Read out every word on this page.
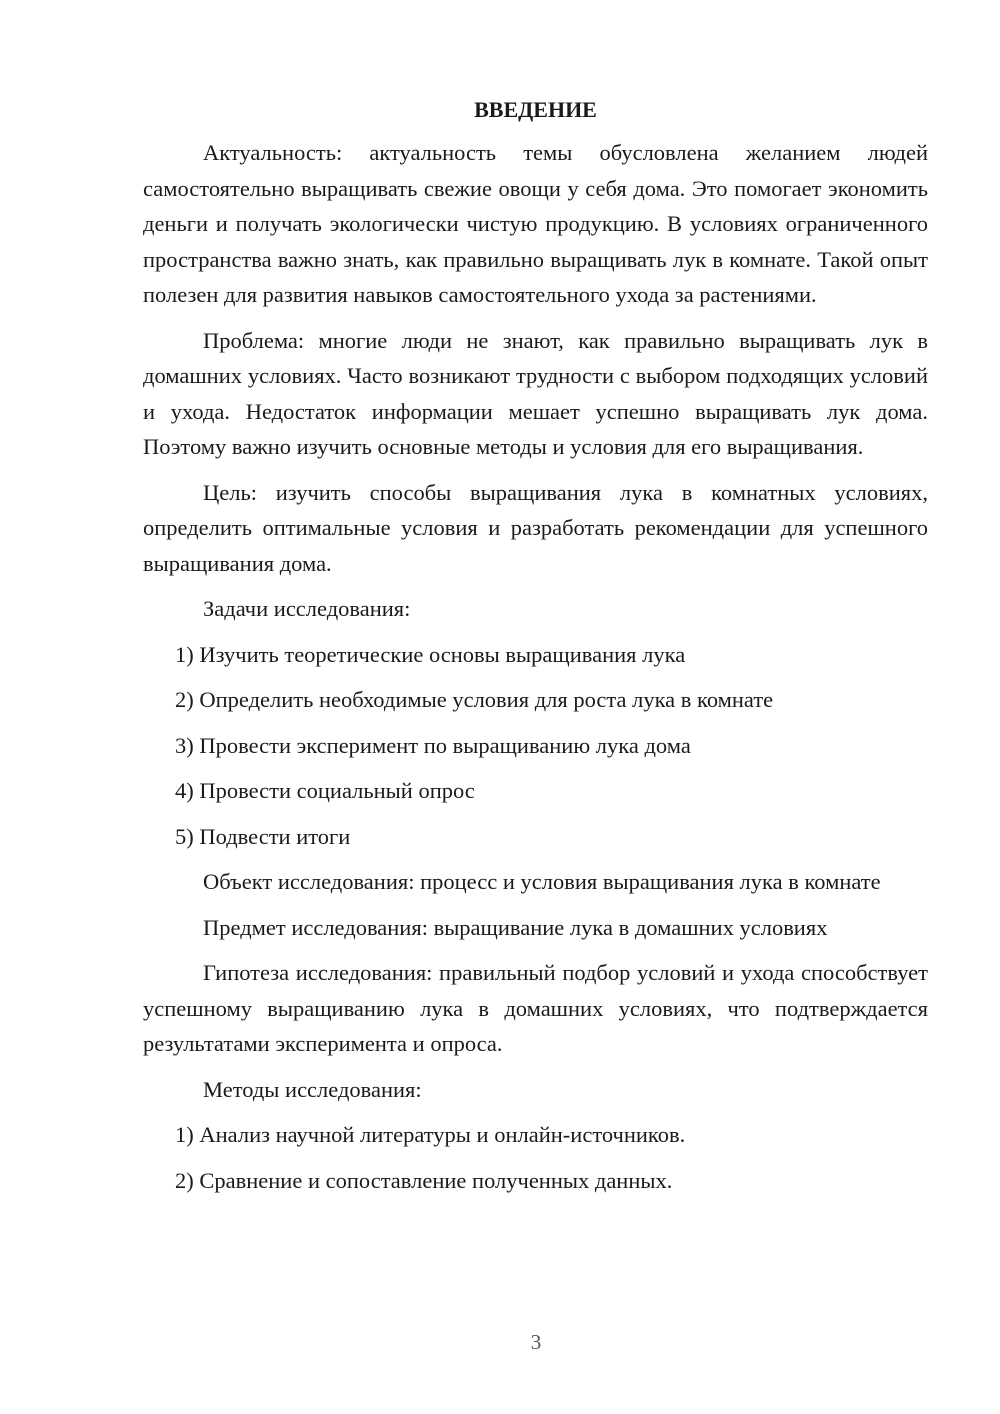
ВВЕДЕНИЕ

Актуальность: актуальность темы обусловлена желанием людей самостоятельно выращивать свежие овощи у себя дома. Это помогает экономить деньги и получать экологически чистую продукцию. В условиях ограниченного пространства важно знать, как правильно выращивать лук в комнате. Такой опыт полезен для развития навыков самостоятельного ухода за растениями.

Проблема: многие люди не знают, как правильно выращивать лук в домашних условиях. Часто возникают трудности с выбором подходящих условий и ухода. Недостаток информации мешает успешно выращивать лук дома. Поэтому важно изучить основные методы и условия для его выращивания.

Цель: изучить способы выращивания лука в комнатных условиях, определить оптимальные условия и разработать рекомендации для успешного выращивания дома.

Задачи исследования:

1) Изучить теоретические основы выращивания лука

2) Определить необходимые условия для роста лука в комнате

3) Провести эксперимент по выращиванию лука дома

4) Провести социальный опрос

5) Подвести итоги

Объект исследования: процесс и условия выращивания лука в комнате

Предмет исследования: выращивание лука в домашних условиях

Гипотеза исследования: правильный подбор условий и ухода способствует успешному выращиванию лука в домашних условиях, что подтверждается результатами эксперимента и опроса.

Методы исследования:

1) Анализ научной литературы и онлайн-источников.

2) Сравнение и сопоставление полученных данных.

3
